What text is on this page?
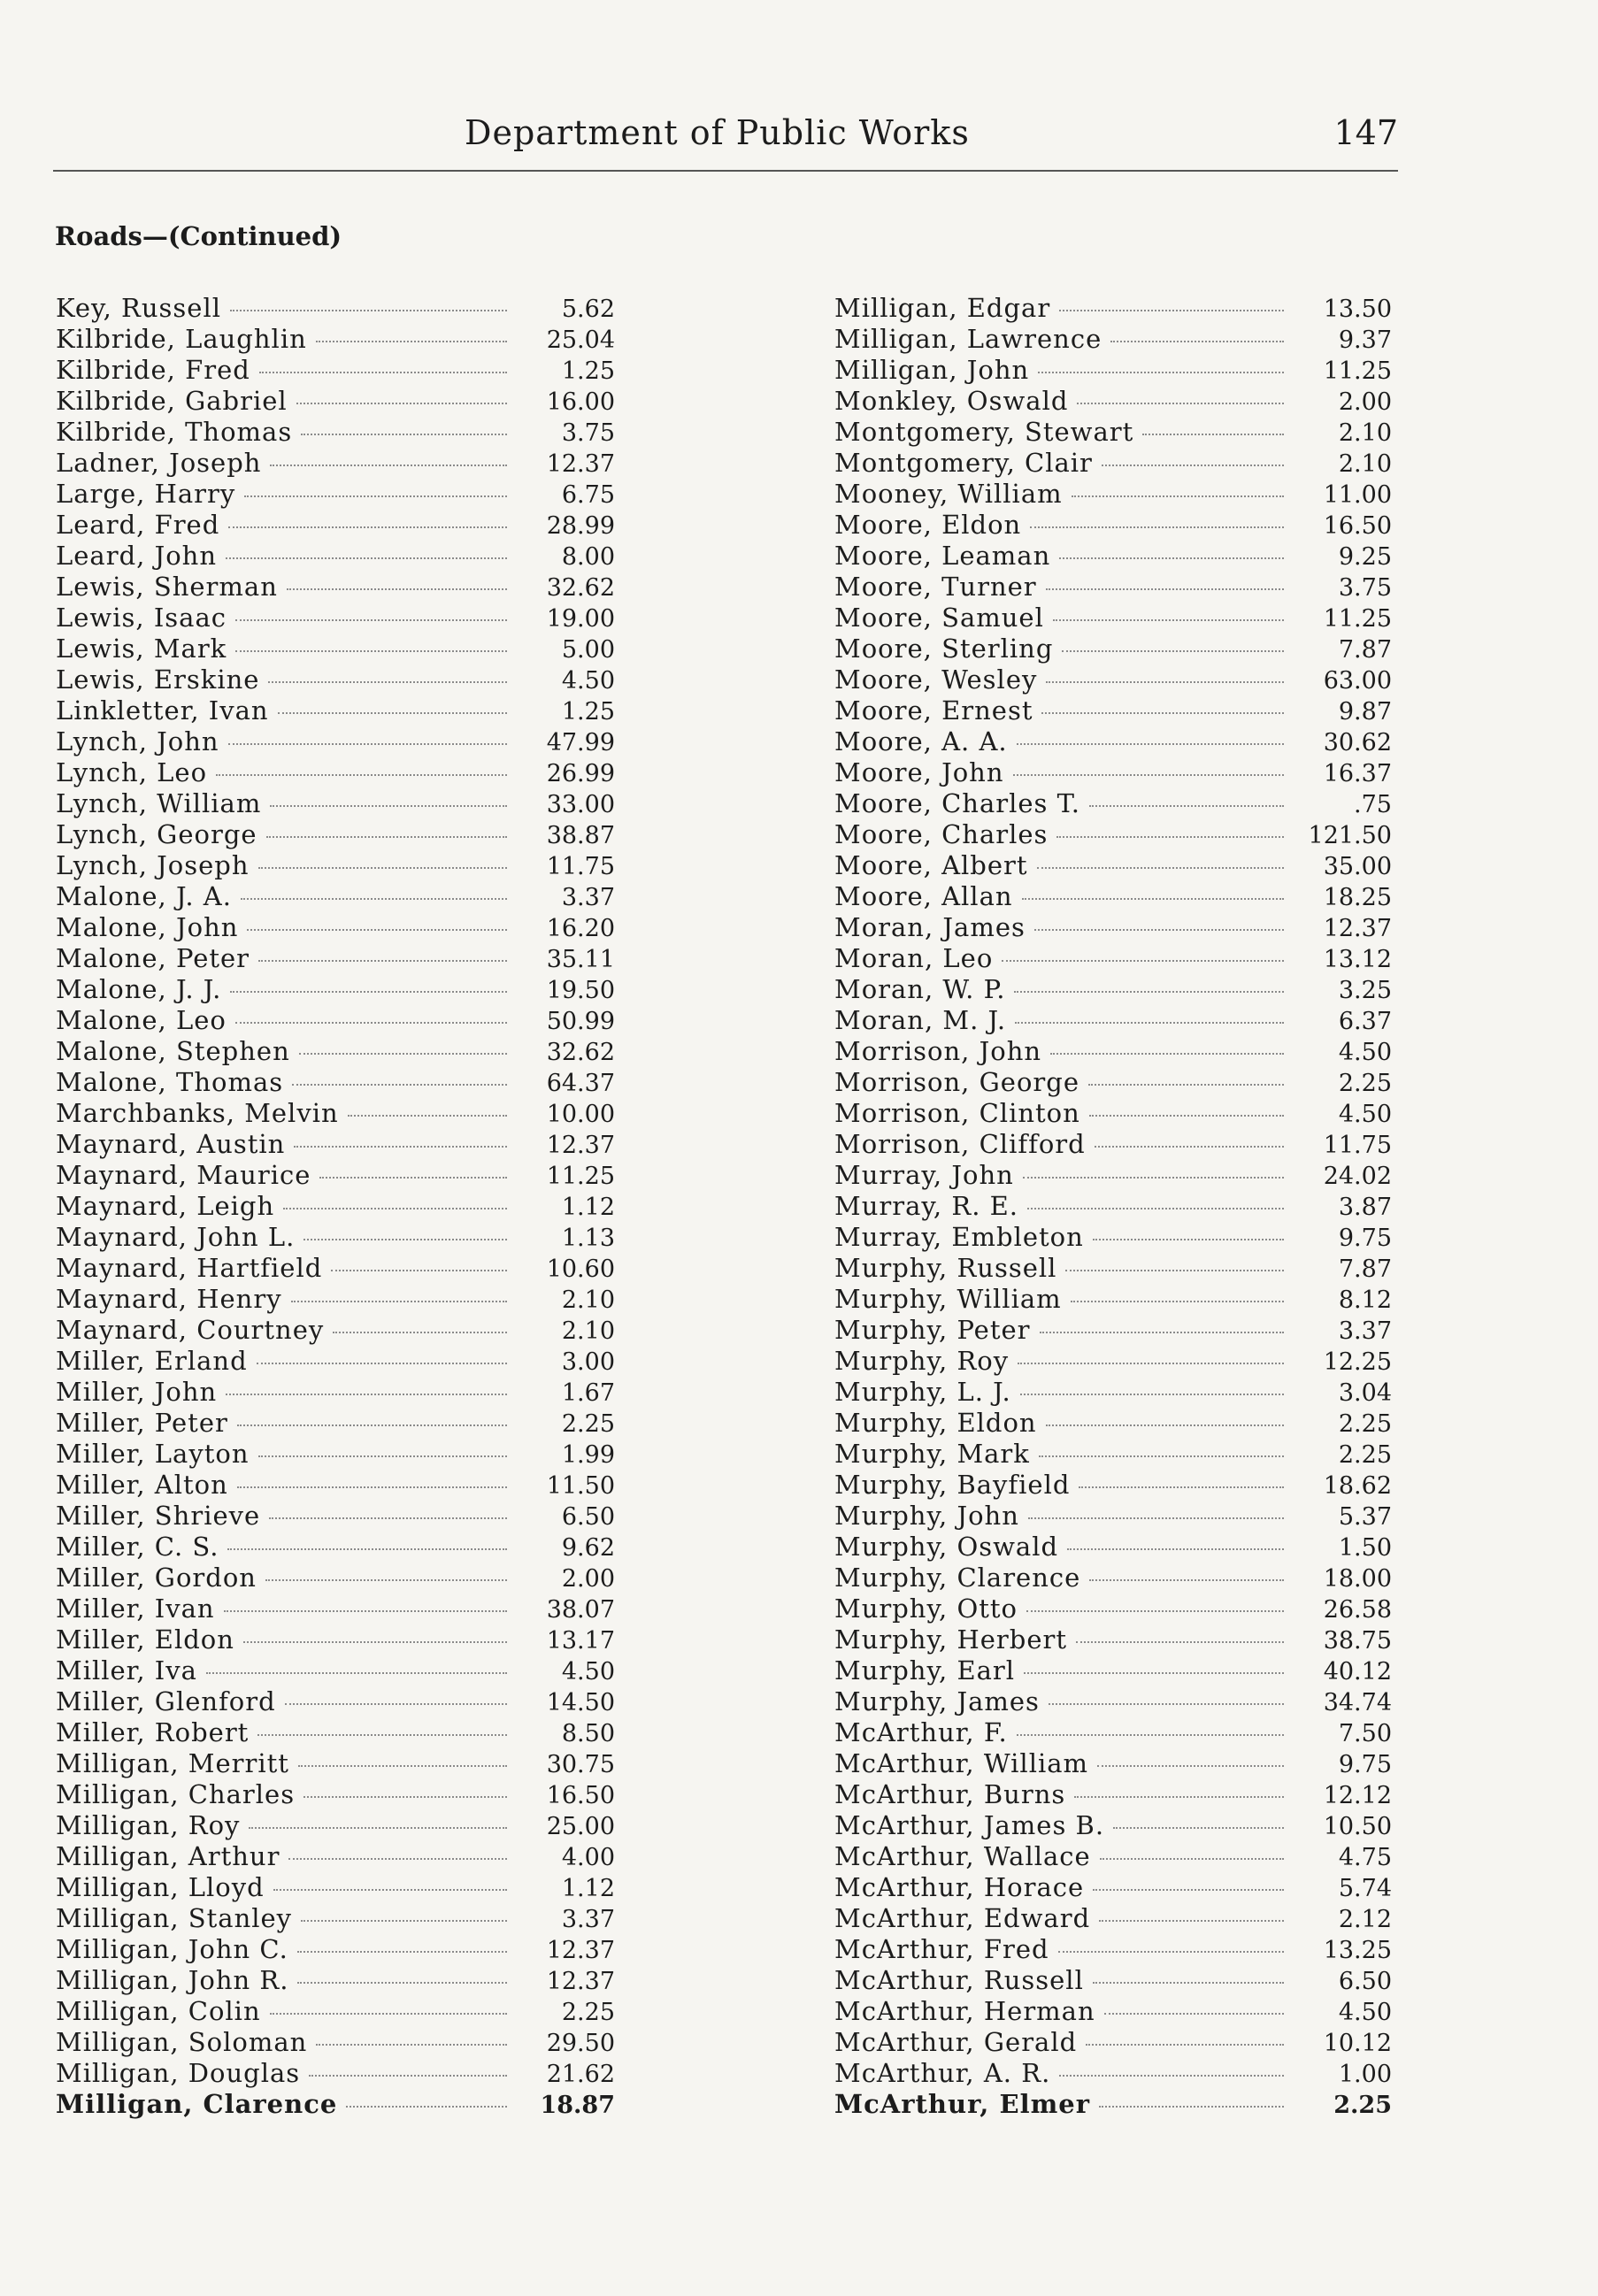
Department of Public Works	147
Roads—(Continued)
Key, Russell	5.62
Kilbride, Laughlin	25.04
Kilbride, Fred	1.25
Kilbride, Gabriel	16.00
Kilbride, Thomas	3.75
Ladner, Joseph	12.37
Large, Harry	6.75
Leard, Fred	28.99
Leard, John	8.00
Lewis, Sherman	32.62
Lewis, Isaac	19.00
Lewis, Mark	5.00
Lewis, Erskine	4.50
Linkletter, Ivan	1.25
Lynch, John	47.99
Lynch, Leo	26.99
Lynch, William	33.00
Lynch, George	38.87
Lynch, Joseph	11.75
Malone, J. A.	3.37
Malone, John	16.20
Malone, Peter	35.11
Malone, J. J.	19.50
Malone, Leo	50.99
Malone, Stephen	32.62
Malone, Thomas	64.37
Marchbanks, Melvin	10.00
Maynard, Austin	12.37
Maynard, Maurice	11.25
Maynard, Leigh	1.12
Maynard, John L.	1.13
Maynard, Hartfield	10.60
Maynard, Henry	2.10
Maynard, Courtney	2.10
Miller, Erland	3.00
Miller, John	1.67
Miller, Peter	2.25
Miller, Layton	1.99
Miller, Alton	11.50
Miller, Shrieve	6.50
Miller, C. S.	9.62
Miller, Gordon	2.00
Miller, Ivan	38.07
Miller, Eldon	13.17
Miller, Iva	4.50
Miller, Glenford	14.50
Miller, Robert	8.50
Milligan, Merritt	30.75
Milligan, Charles	16.50
Milligan, Roy	25.00
Milligan, Arthur	4.00
Milligan, Lloyd	1.12
Milligan, Stanley	3.37
Milligan, John C.	12.37
Milligan, John R.	12.37
Milligan, Colin	2.25
Milligan, Soloman	29.50
Milligan, Douglas	21.62
Milligan, Clarence	18.87
Milligan, Edgar	13.50
Milligan, Lawrence	9.37
Milligan, John	11.25
Monkley, Oswald	2.00
Montgomery, Stewart	2.10
Montgomery, Clair	2.10
Mooney, William	11.00
Moore, Eldon	16.50
Moore, Leaman	9.25
Moore, Turner	3.75
Moore, Samuel	11.25
Moore, Sterling	7.87
Moore, Wesley	63.00
Moore, Ernest	9.87
Moore, A. A.	30.62
Moore, John	16.37
Moore, Charles T.	.75
Moore, Charles	121.50
Moore, Albert	35.00
Moore, Allan	18.25
Moran, James	12.37
Moran, Leo	13.12
Moran, W. P.	3.25
Moran, M. J.	6.37
Morrison, John	4.50
Morrison, George	2.25
Morrison, Clinton	4.50
Morrison, Clifford	11.75
Murray, John	24.02
Murray, R. E.	3.87
Murray, Embleton	9.75
Murphy, Russell	7.87
Murphy, William	8.12
Murphy, Peter	3.37
Murphy, Roy	12.25
Murphy, L. J.	3.04
Murphy, Eldon	2.25
Murphy, Mark	2.25
Murphy, Bayfield	18.62
Murphy, John	5.37
Murphy, Oswald	1.50
Murphy, Clarence	18.00
Murphy, Otto	26.58
Murphy, Herbert	38.75
Murphy, Earl	40.12
Murphy, James	34.74
McArthur, F.	7.50
McArthur, William	9.75
McArthur, Burns	12.12
McArthur, James B.	10.50
McArthur, Wallace	4.75
McArthur, Horace	5.74
McArthur, Edward	2.12
McArthur, Fred	13.25
McArthur, Russell	6.50
McArthur, Herman	4.50
McArthur, Gerald	10.12
McArthur, A. R.	1.00
McArthur, Elmer	2.25
